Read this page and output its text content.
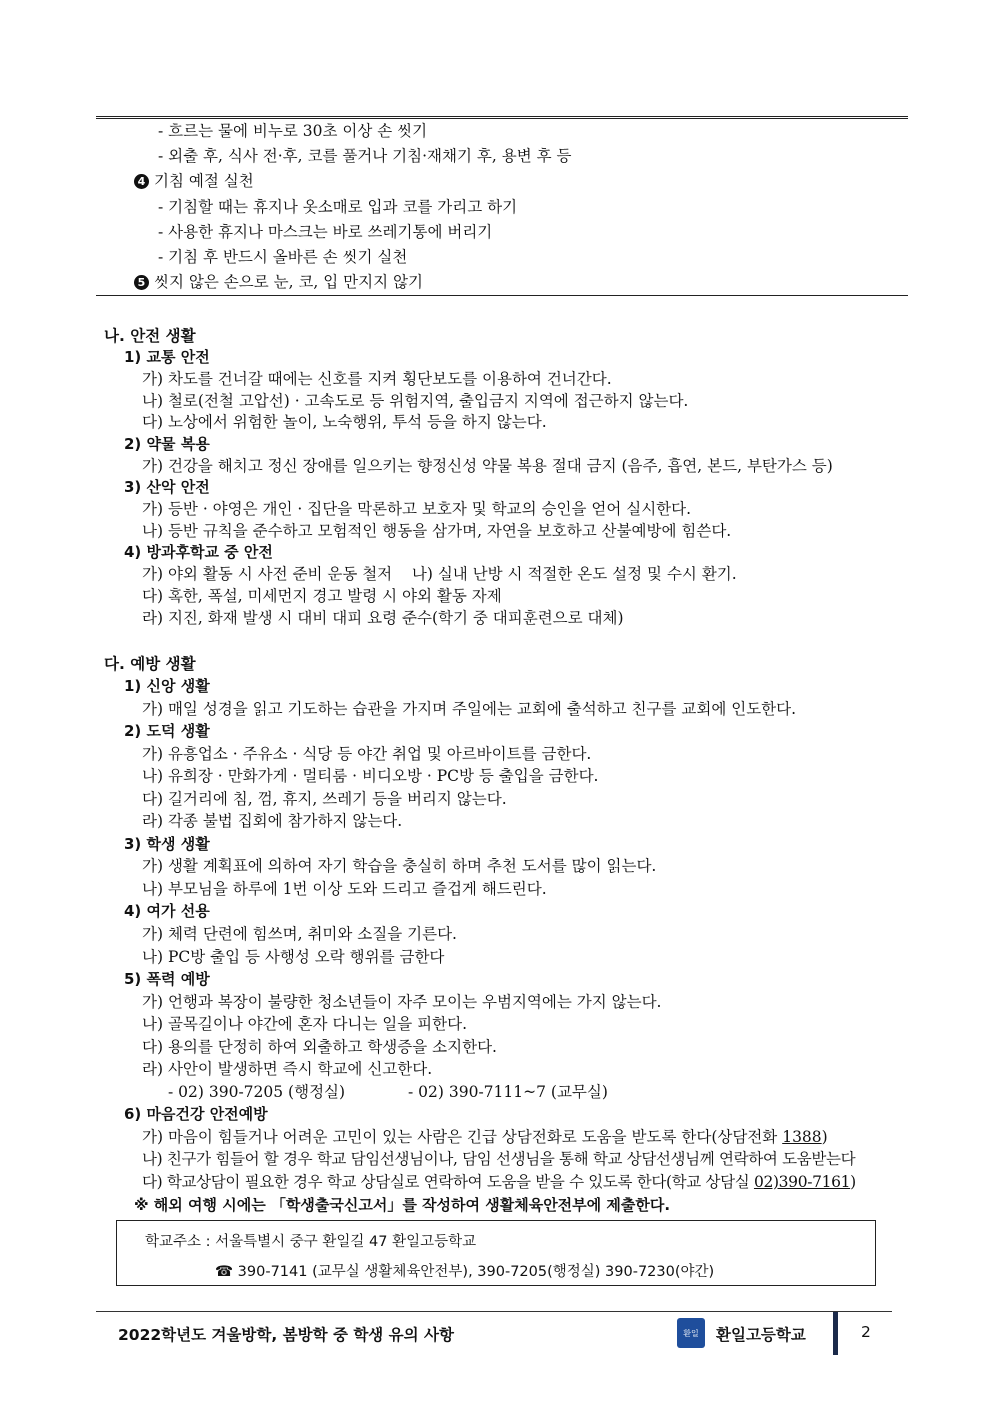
- 흐르는 물에 비누로 30초 이상 손 씻기
- 외출 후, 식사 전·후, 코를 풀거나 기침·재채기 후, 용변 후 등
4 기침 예절 실천
- 기침할 때는 휴지나 옷소매로 입과 코를 가리고 하기
- 사용한 휴지나 마스크는 바로 쓰레기통에 버리기
- 기침 후 반드시 올바른 손 씻기 실천
5 씻지 않은 손으로 눈, 코, 입 만지지 않기
나. 안전 생활
1) 교통 안전
가) 차도를 건너갈 때에는 신호를 지켜 횡단보도를 이용하여 건너간다.
나) 철로(전철 고압선) · 고속도로 등 위험지역, 출입금지 지역에 접근하지 않는다.
다) 노상에서 위험한 놀이, 노숙행위, 투석 등을 하지 않는다.
2) 약물 복용
가) 건강을 해치고 정신 장애를 일으키는 향정신성 약물 복용 절대 금지 (음주, 흡연, 본드, 부탄가스 등)
3) 산악 안전
가) 등반 · 야영은 개인 · 집단을 막론하고 보호자 및 학교의 승인을 얻어 실시한다.
나) 등반 규칙을 준수하고 모험적인 행동을 삼가며, 자연을 보호하고 산불예방에 힘쓴다.
4) 방과후학교 중 안전
가) 야외 활동 시 사전 준비 운동 철저    나) 실내 난방 시 적절한 온도 설정 및 수시 환기.
다) 혹한, 폭설, 미세먼지 경고 발령 시 야외 활동 자제
라) 지진, 화재 발생 시 대비 대피 요령 준수(학기 중 대피훈련으로 대체)
다. 예방 생활
1) 신앙 생활
가) 매일 성경을 읽고 기도하는 습관을 가지며 주일에는 교회에 출석하고 친구를 교회에 인도한다.
2) 도덕 생활
가) 유흥업소 · 주유소 · 식당 등 야간 취업 및 아르바이트를 금한다.
나) 유희장 · 만화가게 · 멀티룸 · 비디오방 · PC방 등 출입을 금한다.
다) 길거리에 침, 껌, 휴지, 쓰레기 등을 버리지 않는다.
라) 각종 불법 집회에 참가하지 않는다.
3) 학생 생활
가) 생활 계획표에 의하여 자기 학습을 충실히 하며 추천 도서를 많이 읽는다.
나) 부모님을 하루에 1번 이상 도와 드리고 즐겁게 해드린다.
4) 여가 선용
가) 체력 단련에 힘쓰며, 취미와 소질을 기른다.
나) PC방 출입 등 사행성 오락 행위를 금한다
5) 폭력 예방
가) 언행과 복장이 불량한 청소년들이 자주 모이는 우범지역에는 가지 않는다.
나) 골목길이나 야간에 혼자 다니는 일을 피한다.
다) 용의를 단정히 하여 외출하고 학생증을 소지한다.
라) 사안이 발생하면 즉시 학교에 신고한다.
- 02) 390-7205 (행정실)	- 02) 390-7111~7 (교무실)
6) 마음건강 안전예방
가) 마음이 힘들거나 어려운 고민이 있는 사람은 긴급 상담전화로 도움을 받도록 한다(상담전화 1388)
나) 친구가 힘들어 할 경우 학교 담임선생님이나, 담임 선생님을 통해 학교 상담선생님께 연락하여 도움받는다
다) 학교상담이 필요한 경우 학교 상담실로 연락하여 도움을 받을 수 있도록 한다(학교 상담실 02)390-7161)
※ 해외 여행 시에는 「학생출국신고서」를 작성하여 생활체육안전부에 제출한다.
학교주소 : 서울특별시 중구 환일길 47 환일고등학교
☎ 390-7141 (교무실 생활체육안전부), 390-7205(행정실) 390-7230(야간)
2022학년도 겨울방학, 봄방학 중 학생 유의 사항	환일 환일고등학교	2
